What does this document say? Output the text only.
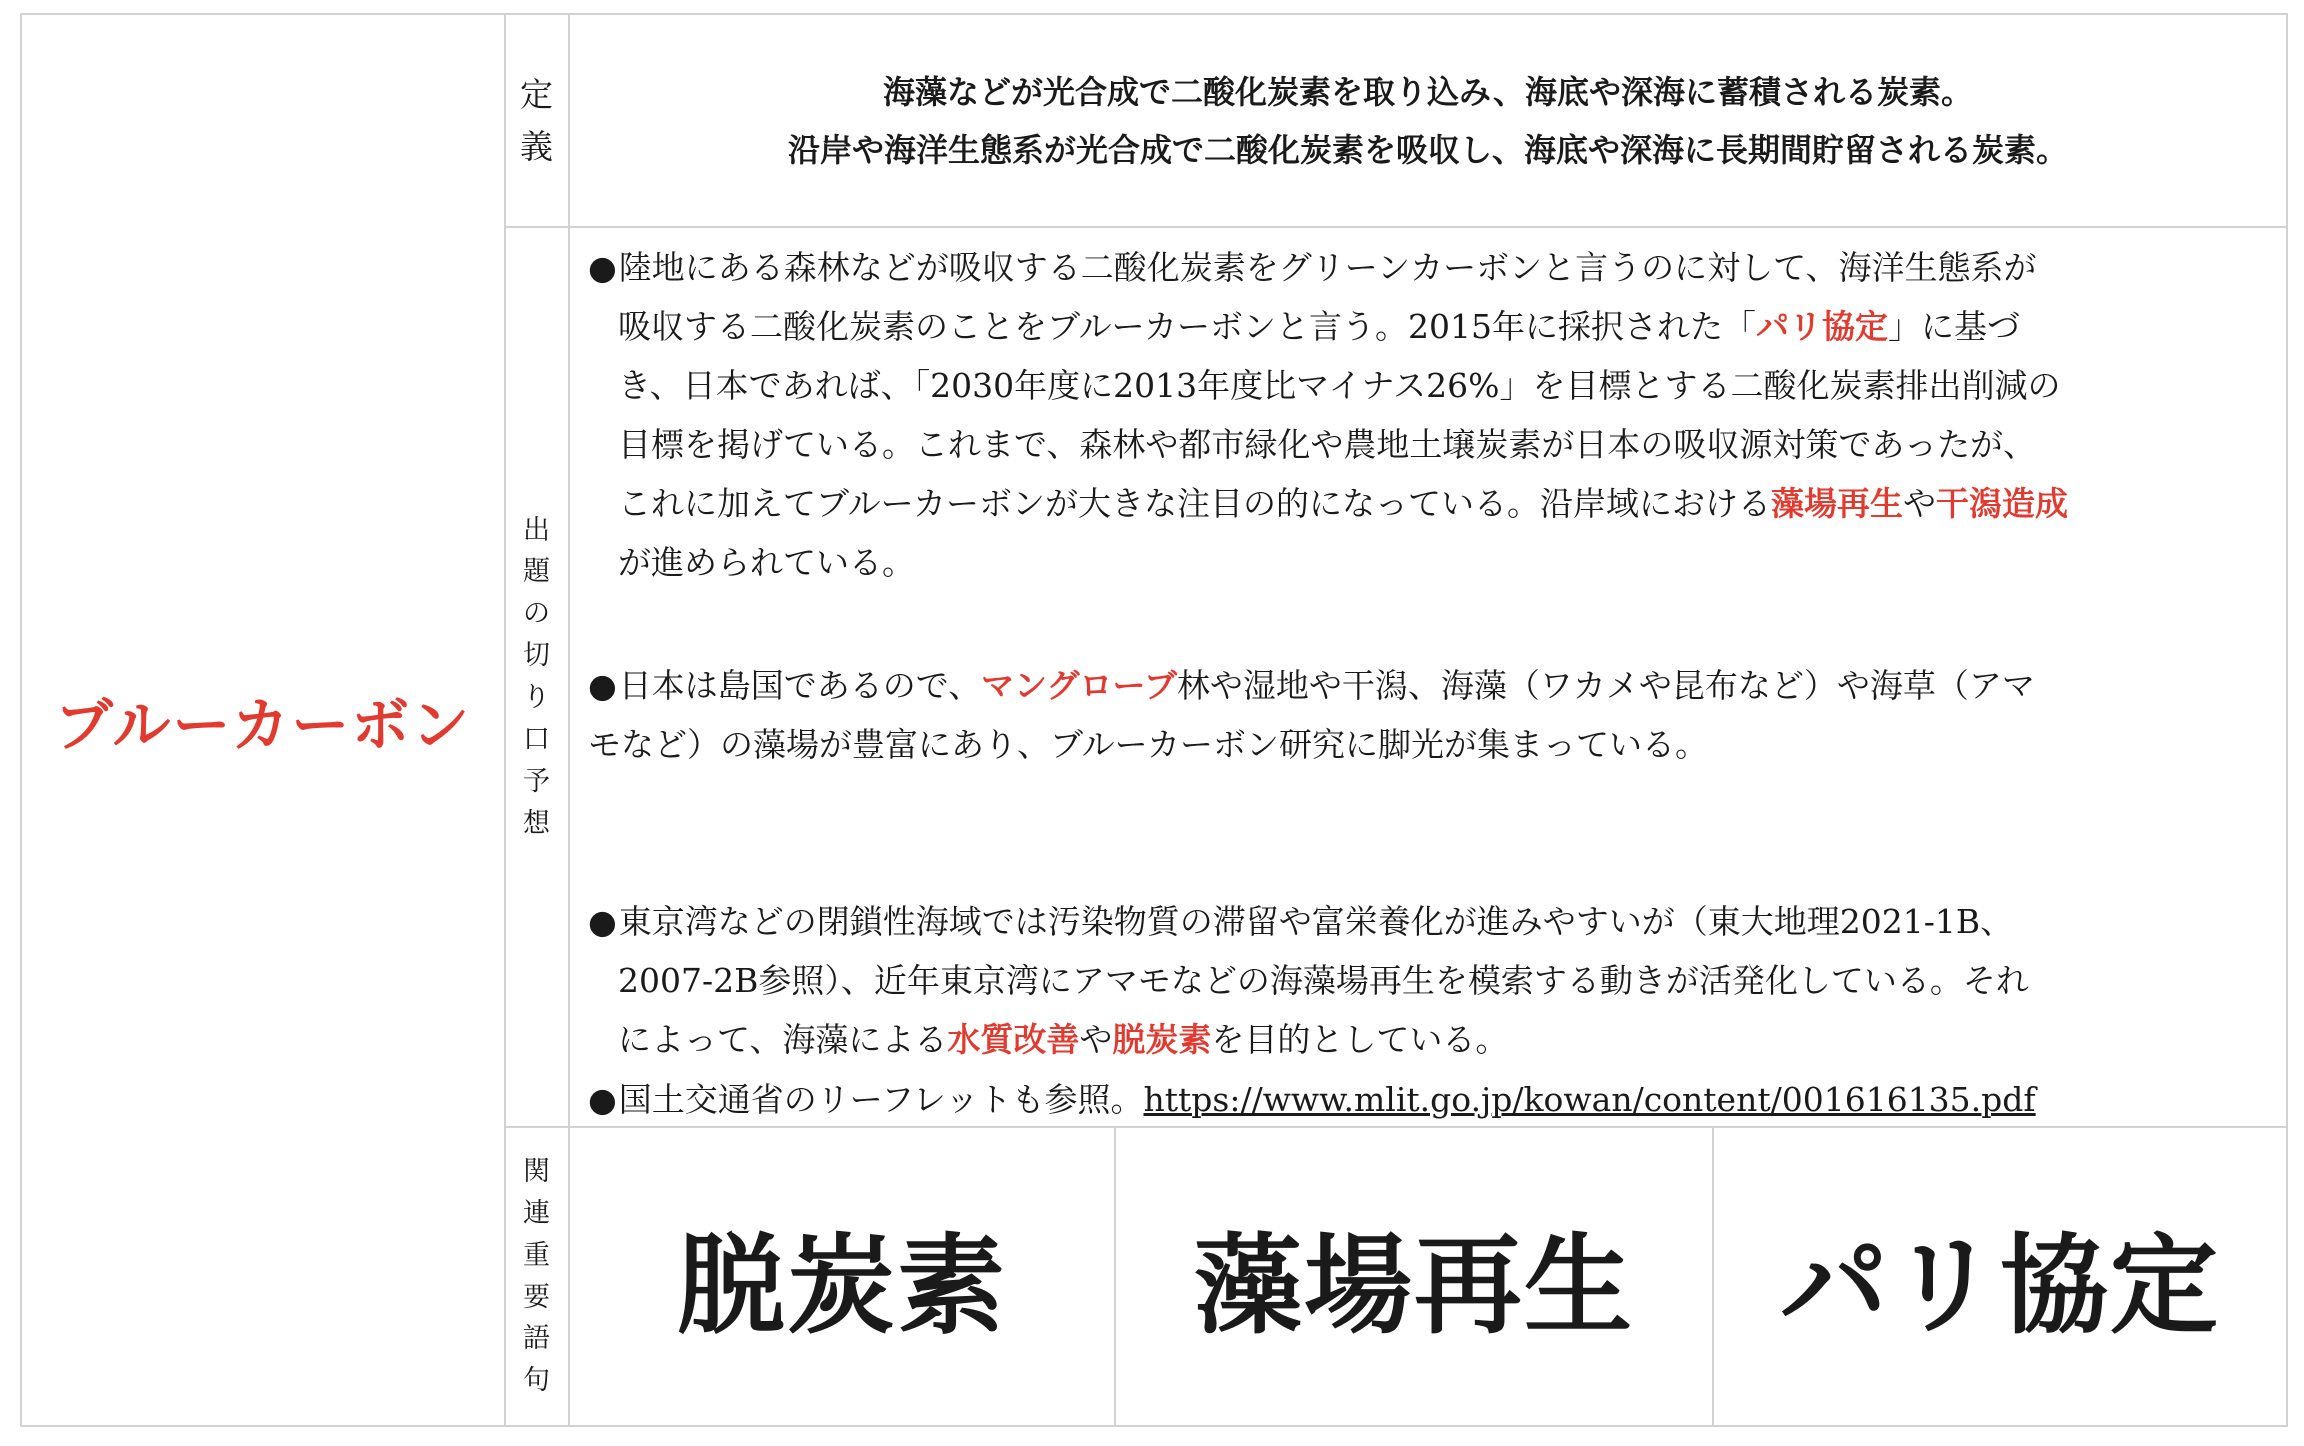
ブルーカーボン
定
義
出
題
の
切
り
口
予
想
関
連
重
要
語
句
海藻などが光合成で二酸化炭素を取り込み、海底や深海に蓄積される炭素。
沿岸や海洋生態系が光合成で二酸化炭素を吸収し、海底や深海に長期間貯留される炭素。
●陸地にある森林などが吸収する二酸化炭素をグリーンカーボンと言うのに対して、海洋生態系が
吸収する二酸化炭素のことをブルーカーボンと言う。2015年に採択された「パリ協定」に基づ
き、日本であれば、「2030年度に2013年度比マイナス26%」を目標とする二酸化炭素排出削減の
目標を掲げている。これまで、森林や都市緑化や農地土壌炭素が日本の吸収源対策であったが、
これに加えてブルーカーボンが大きな注目の的になっている。沿岸域における藻場再生や干潟造成
が進められている。
●日本は島国であるので、マングローブ林や湿地や干潟、海藻（ワカメや昆布など）や海草（アマ
モなど）の藻場が豊富にあり、ブルーカーボン研究に脚光が集まっている。
●東京湾などの閉鎖性海域では汚染物質の滞留や富栄養化が進みやすいが（東大地理2021-1B、
2007-2B参照）、近年東京湾にアマモなどの海藻場再生を模索する動きが活発化している。それ
によって、海藻による水質改善や脱炭素を目的としている。
●国土交通省のリーフレットも参照。https://www.mlit.go.jp/kowan/content/001616135.pdf
脱炭素	藻場再生	パリ協定
